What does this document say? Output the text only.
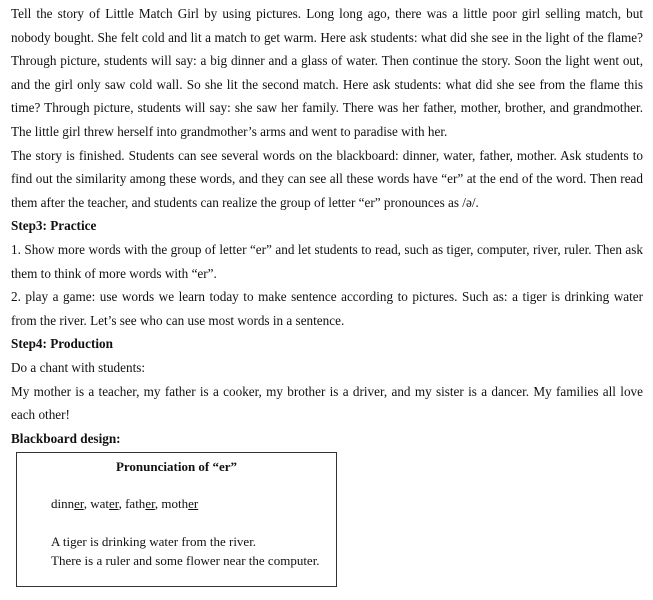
Tell the story of Little Match Girl by using pictures. Long long ago, there was a little poor girl selling match, but nobody bought. She felt cold and lit a match to get warm. Here ask students: what did she see in the light of the flame? Through picture, students will say: a big dinner and a glass of water. Then continue the story. Soon the light went out, and the girl only saw cold wall. So she lit the second match. Here ask students: what did she see from the flame this time? Through picture, students will say: she saw her family. There was her father, mother, brother, and grandmother. The little girl threw herself into grandmother’s arms and went to paradise with her.

The story is finished. Students can see several words on the blackboard: dinner, water, father, mother. Ask students to find out the similarity among these words, and they can see all these words have “er” at the end of the word. Then read them after the teacher, and students can realize the group of letter “er” pronounces as /ə/.

Step3: Practice

1. Show more words with the group of letter “er” and let students to read, such as tiger, computer, river, ruler. Then ask them to think of more words with “er”.

2. play a game: use words we learn today to make sentence according to pictures. Such as: a tiger is drinking water from the river. Let’s see who can use most words in a sentence.

Step4: Production

Do a chant with students:

My mother is a teacher, my father is a cooker, my brother is a driver, and my sister is a dancer. My families all love each other!

Blackboard design:

Pronunciation of “er”
dinner, water, father, mother
A tiger is drinking water from the river.
There is a ruler and some flower near the computer.
